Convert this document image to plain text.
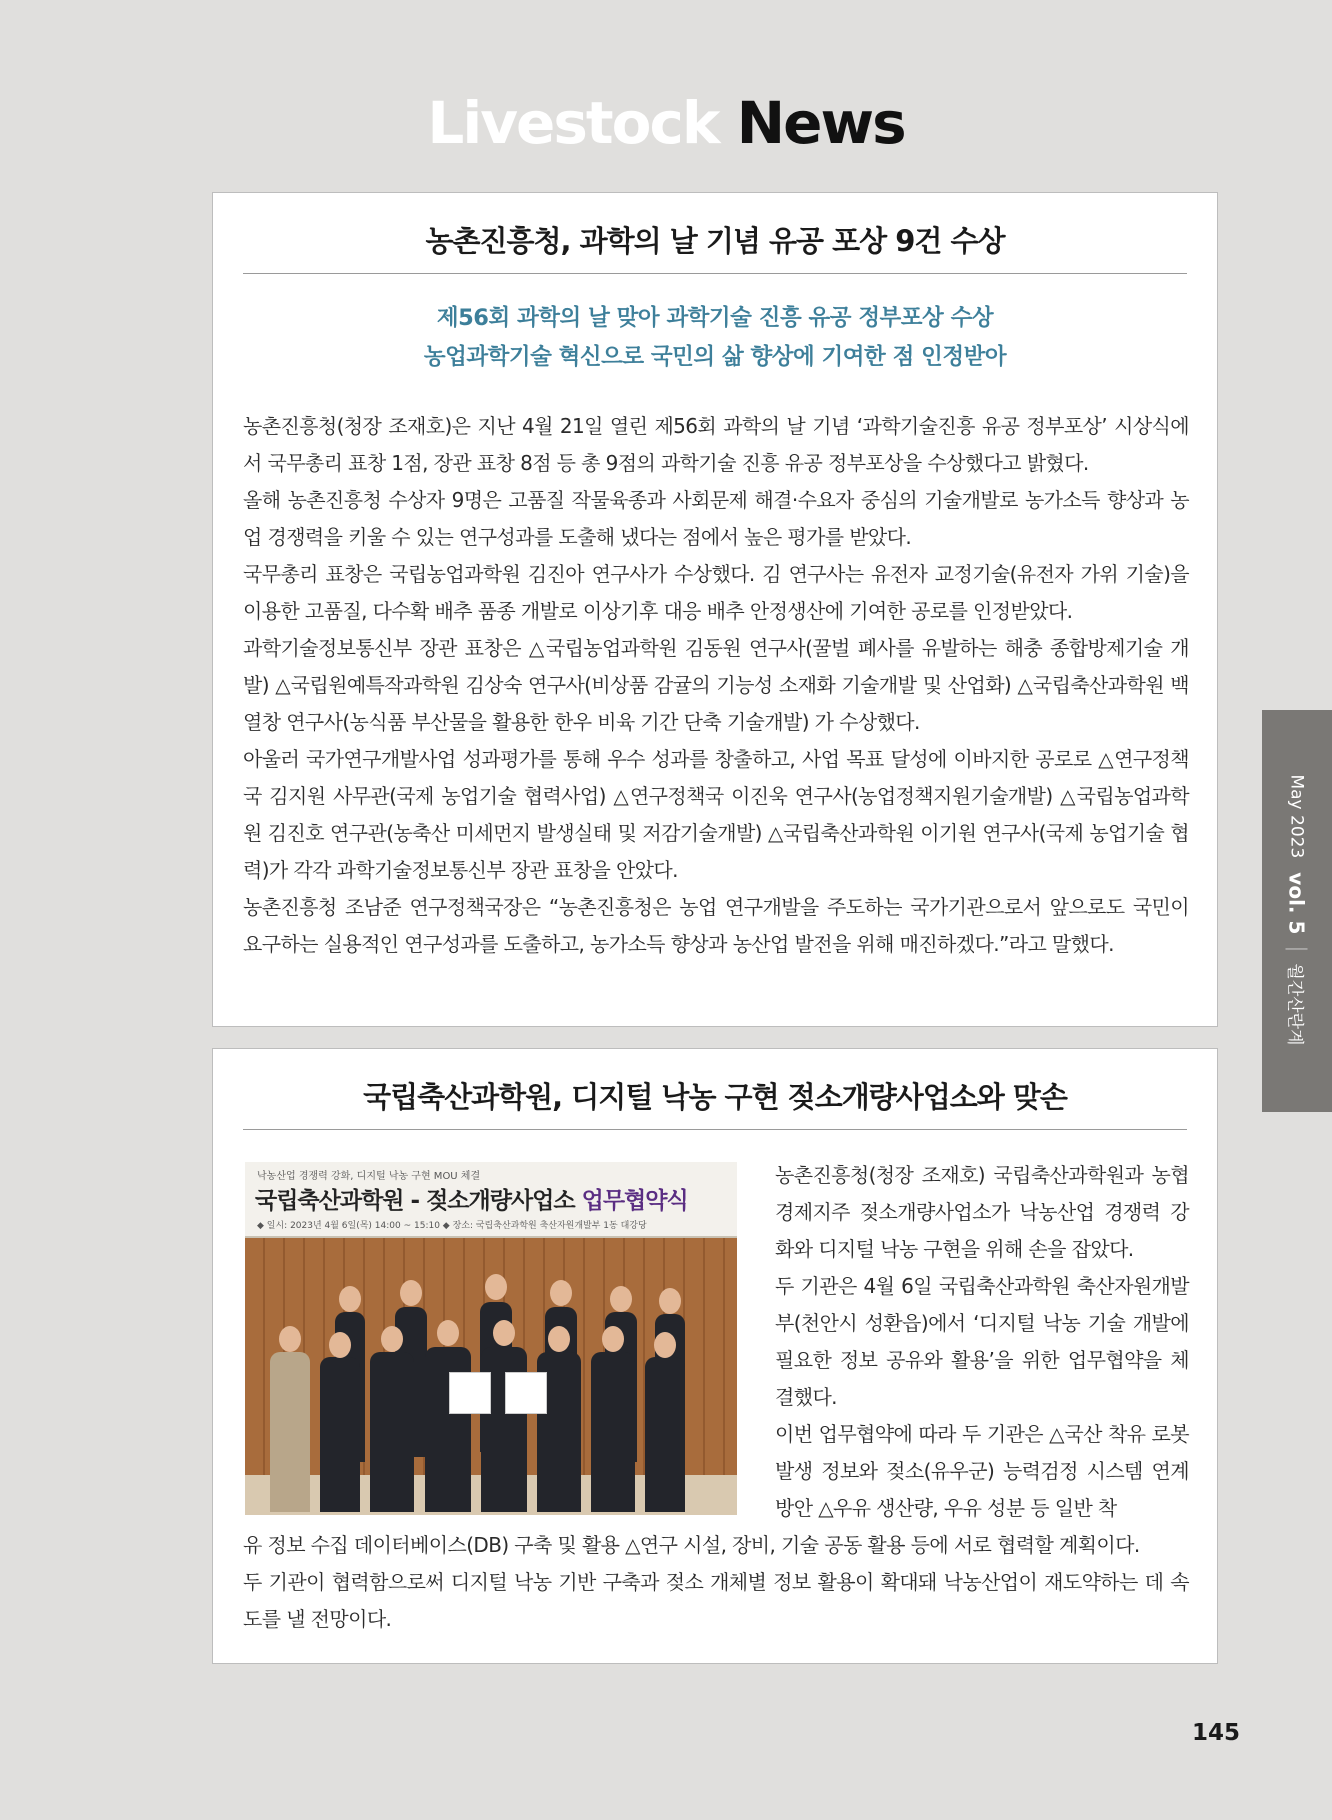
Livestock News
농촌진흥청, 과학의 날 기념 유공 포상 9건 수상
제56회 과학의 날 맞아 과학기술 진흥 유공 정부포상 수상
농업과학기술 혁신으로 국민의 삶 향상에 기여한 점 인정받아

농촌진흥청(청장 조재호)은 지난 4월 21일 열린 제56회 과학의 날 기념 ‘과학기술진흥 유공 정부포상’ 시상식에서 국무총리 표창 1점, 장관 표창 8점 등 총 9점의 과학기술 진흥 유공 정부포상을 수상했다고 밝혔다.

올해 농촌진흥청 수상자 9명은 고품질 작물육종과 사회문제 해결·수요자 중심의 기술개발로 농가소득 향상과 농업 경쟁력을 키울 수 있는 연구성과를 도출해 냈다는 점에서 높은 평가를 받았다.

국무총리 표창은 국립농업과학원 김진아 연구사가 수상했다. 김 연구사는 유전자 교정기술(유전자 가위 기술)을 이용한 고품질, 다수확 배추 품종 개발로 이상기후 대응 배추 안정생산에 기여한 공로를 인정받았다.

과학기술정보통신부 장관 표창은 △국립농업과학원 김동원 연구사(꿀벌 폐사를 유발하는 해충 종합방제기술 개발) △국립원예특작과학원 김상숙 연구사(비상품 감귤의 기능성 소재화 기술개발 및 산업화) △국립축산과학원 백열창 연구사(농식품 부산물을 활용한 한우 비육 기간 단축 기술개발) 가 수상했다.

아울러 국가연구개발사업 성과평가를 통해 우수 성과를 창출하고, 사업 목표 달성에 이바지한 공로로 △연구정책국 김지원 사무관(국제 농업기술 협력사업) △연구정책국 이진욱 연구사(농업정책지원기술개발) △국립농업과학원 김진호 연구관(농축산 미세먼지 발생실태 및 저감기술개발) △국립축산과학원 이기원 연구사(국제 농업기술 협력)가 각각 과학기술정보통신부 장관 표창을 안았다.

농촌진흥청 조남준 연구정책국장은 “농촌진흥청은 농업 연구개발을 주도하는 국가기관으로서 앞으로도 국민이 요구하는 실용적인 연구성과를 도출하고, 농가소득 향상과 농산업 발전을 위해 매진하겠다.”라고 말했다.

국립축산과학원, 디지털 낙농 구현 젖소개량사업소와 맞손
낙농산업 경쟁력 강화, 디지털 낙농 구현 MOU 체결
국립축산과학원 - 젖소개량사업소 업무협약식
◆ 일시: 2023년 4월 6일(목) 14:00 ~ 15:10 ◆ 장소: 국립축산과학원 축산자원개발부 1동 대강당

농촌진흥청(청장 조재호) 국립축산과학원과 농협경제지주 젖소개량사업소가 낙농산업 경쟁력 강화와 디지털 낙농 구현을 위해 손을 잡았다.

두 기관은 4월 6일 국립축산과학원 축산자원개발부(천안시 성환읍)에서 ‘디지털 낙농 기술 개발에 필요한 정보 공유와 활용’을 위한 업무협약을 체결했다.

이번 업무협약에 따라 두 기관은 △국산 착유 로봇 발생 정보와 젖소(유우군) 능력검정 시스템 연계 방안 △우유 생산량, 우유 성분 등 일반 착

유 정보 수집 데이터베이스(DB) 구축 및 활용 △연구 시설, 장비, 기술 공동 활용 등에 서로 협력할 계획이다.

두 기관이 협력함으로써 디지털 낙농 기반 구축과 젖소 개체별 정보 활용이 확대돼 낙농산업이 재도약하는 데 속도를 낼 전망이다.

May 2023
vol. 5
월간산란계
145
